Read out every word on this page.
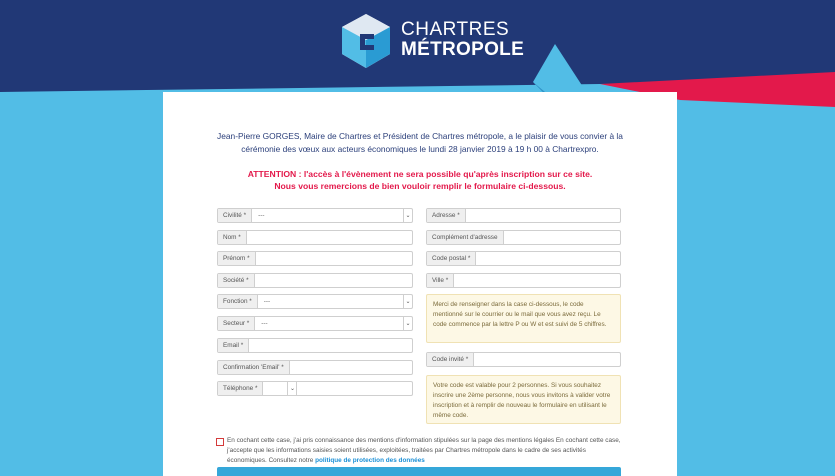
CHARTRES
MÉTROPOLE
Jean-Pierre GORGES, Maire de Chartres et Président de Chartres métropole, a le plaisir de vous convier à la cérémonie des vœux aux acteurs économiques le lundi 28 janvier 2019 à 19 h 00 à Chartrexpro.
ATTENTION : l'accès à l'évènement ne sera possible qu'après inscription sur ce site.
Nous vous remercions de bien vouloir remplir le formulaire ci-dessous.
Civilité *	---	⌄
Nom *
Prénom *
Société *
Fonction *	---	⌄
Secteur *	---	⌄
Email *
Confirmation 'Email' *
Téléphone *	⌄
Adresse *
Complément d'adresse
Code postal *
Ville *
Merci de renseigner dans la case ci-dessous, le code mentionné sur le courrier ou le mail que vous avez reçu. Le code commence par la lettre P ou W et est suivi de 5 chiffres.
Code invité *
Votre code est valable pour 2 personnes. Si vous souhaitez inscrire une 2ème personne, nous vous invitons à valider votre inscription et à remplir de nouveau le formulaire en utilisant le même code.
En cochant cette case, j'ai pris connaissance des mentions d'information stipulées sur la page des mentions légales En cochant cette case, j'accepte que les informations saisies soient utilisées, exploitées, traitées par Chartres métropole dans le cadre de ses activités économiques. Consultez notre politique de protection des données
